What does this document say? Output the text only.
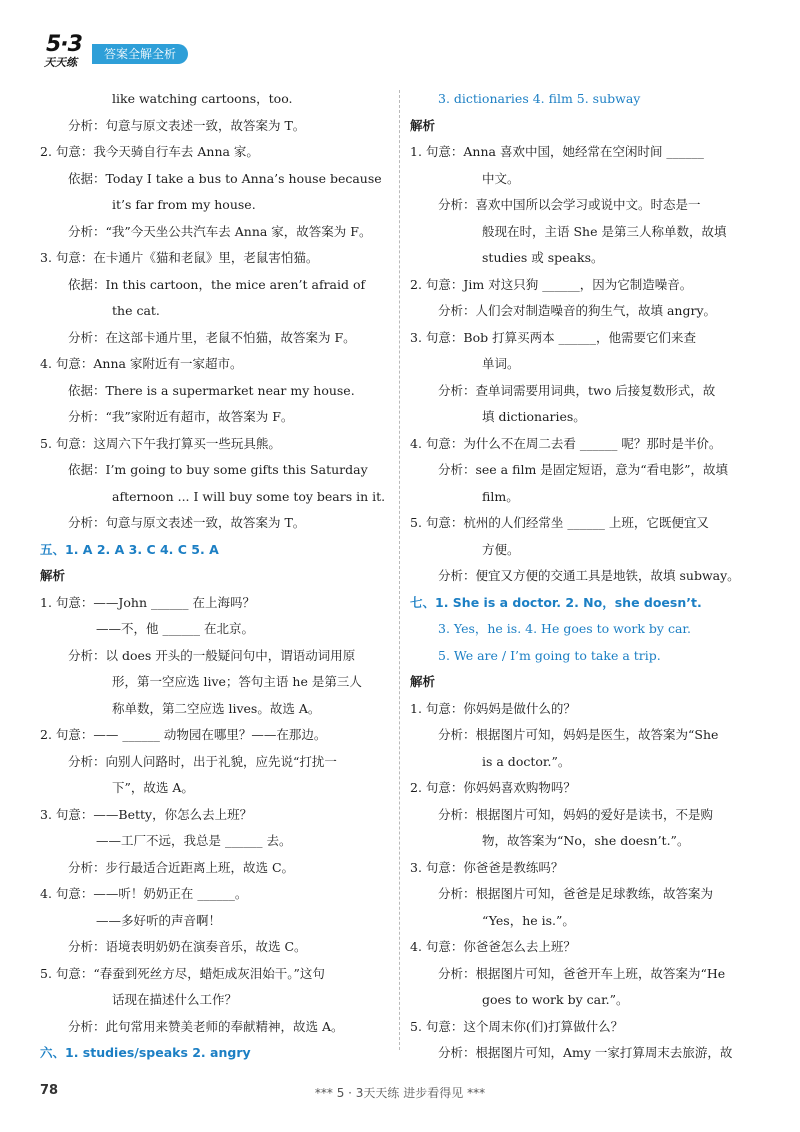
5·3
天天练
答案全解全析
like watching cartoons，too.
分析：句意与原文表述一致，故答案为 T。
2. 句意：我今天骑自行车去 Anna 家。
依据：Today I take a bus to Anna’s house because
it’s far from my house.
分析：“我”今天坐公共汽车去 Anna 家，故答案为 F。
3. 句意：在卡通片《猫和老鼠》里，老鼠害怕猫。
依据：In this cartoon，the mice aren’t afraid of
the cat.
分析：在这部卡通片里，老鼠不怕猫，故答案为 F。
4. 句意：Anna 家附近有一家超市。
依据：There is a supermarket near my house.
分析：“我”家附近有超市，故答案为 F。
5. 句意：这周六下午我打算买一些玩具熊。
依据：I’m going to buy some gifts this Saturday
afternoon ... I will buy some toy bears in it.
分析：句意与原文表述一致，故答案为 T。
五、1. A 2. A 3. C 4. C 5. A
解析
1. 句意：——John ______ 在上海吗？
——不，他 ______ 在北京。
分析：以 does 开头的一般疑问句中，谓语动词用原
形，第一空应选 live；答句主语 he 是第三人
称单数，第二空应选 lives。故选 A。
2. 句意：—— ______ 动物园在哪里？——在那边。
分析：向别人问路时，出于礼貌，应先说“打扰一
下”，故选 A。
3. 句意：——Betty，你怎么去上班？
——工厂不远，我总是 ______ 去。
分析：步行最适合近距离上班，故选 C。
4. 句意：——听！奶奶正在 ______。
——多好听的声音啊！
分析：语境表明奶奶在演奏音乐，故选 C。
5. 句意：“春蚕到死丝方尽，蜡炬成灰泪始干。”这句
话现在描述什么工作？
分析：此句常用来赞美老师的奉献精神，故选 A。
六、1. studies/speaks 2. angry
3. dictionaries 4. film 5. subway
解析
1. 句意：Anna 喜欢中国，她经常在空闲时间 ______
中文。
分析：喜欢中国所以会学习或说中文。时态是一
般现在时，主语 She 是第三人称单数，故填
studies 或 speaks。
2. 句意：Jim 对这只狗 ______，因为它制造噪音。
分析：人们会对制造噪音的狗生气，故填 angry。
3. 句意：Bob 打算买两本 ______，他需要它们来查
单词。
分析：查单词需要用词典，two 后接复数形式，故
填 dictionaries。
4. 句意：为什么不在周二去看 ______ 呢？那时是半价。
分析：see a film 是固定短语，意为“看电影”，故填
film。
5. 句意：杭州的人们经常坐 ______ 上班，它既便宜又
方便。
分析：便宜又方便的交通工具是地铁，故填 subway。
七、1. She is a doctor. 2. No，she doesn’t.
3. Yes，he is. 4. He goes to work by car.
5. We are / I’m going to take a trip.
解析
1. 句意：你妈妈是做什么的？
分析：根据图片可知，妈妈是医生，故答案为“She
is a doctor.”。
2. 句意：你妈妈喜欢购物吗？
分析：根据图片可知，妈妈的爱好是读书，不是购
物，故答案为“No，she doesn’t.”。
3. 句意：你爸爸是教练吗？
分析：根据图片可知，爸爸是足球教练，故答案为
“Yes，he is.”。
4. 句意：你爸爸怎么去上班？
分析：根据图片可知，爸爸开车上班，故答案为“He
goes to work by car.”。
5. 句意：这个周末你(们)打算做什么？
分析：根据图片可知，Amy 一家打算周末去旅游，故
78	*** 5 · 3天天练 进步看得见 ***
